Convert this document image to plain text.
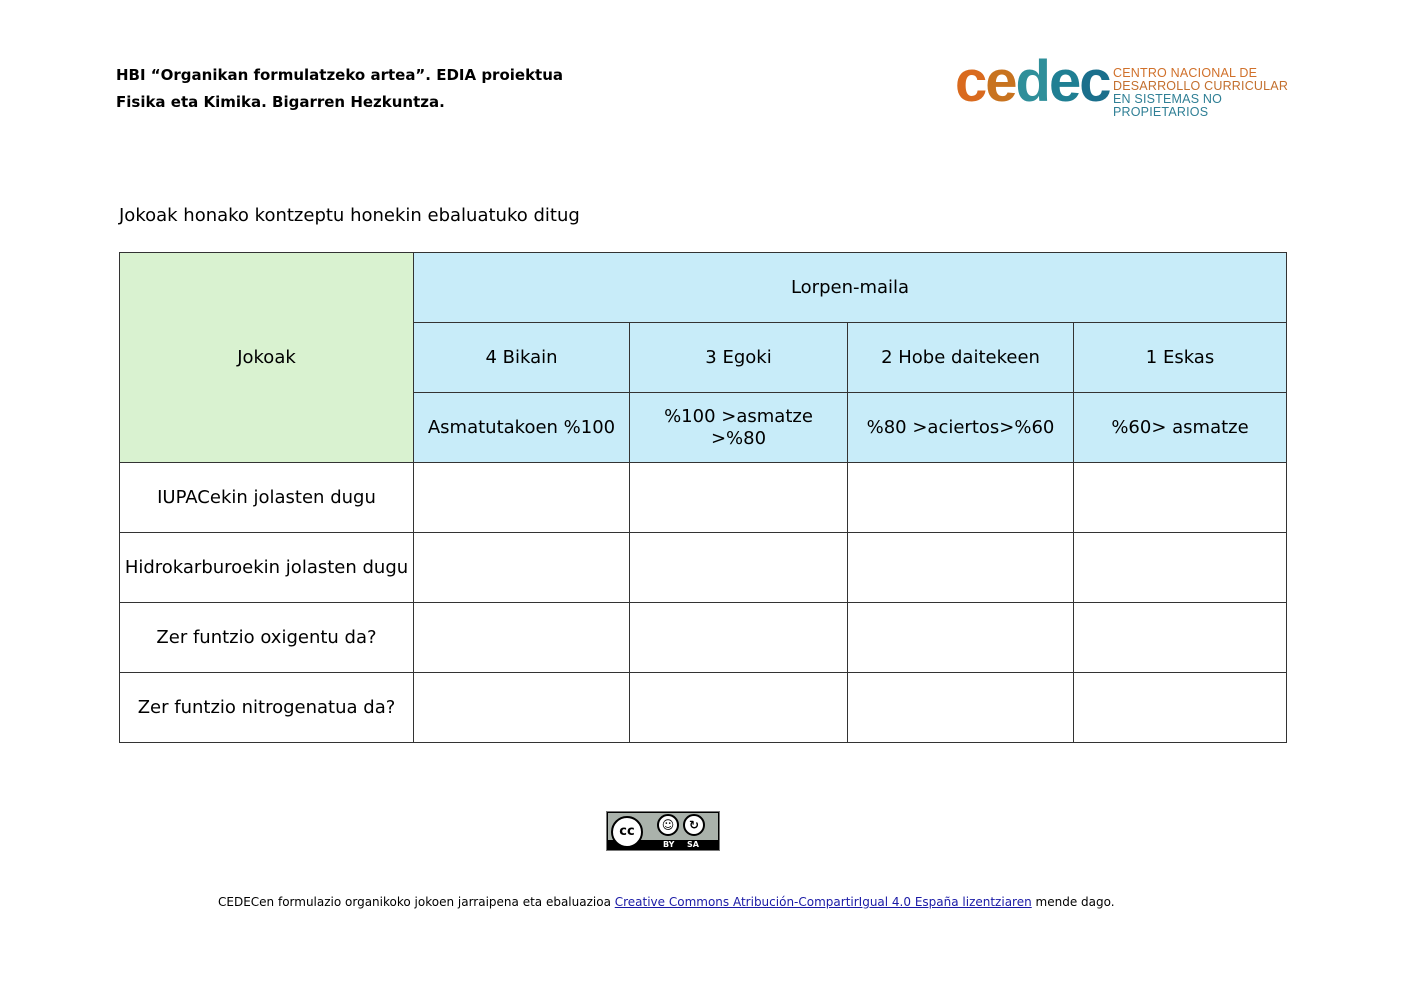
HBI “Organikan formulatzeko artea”. EDIA proiektua
Fisika eta Kimika. Bigarren Hezkuntza.	cedec CENTRO NACIONAL DE
DESARROLLO CURRICULAR
EN SISTEMAS NO PROPIETARIOS
Jokoak honako kontzeptu honekin ebaluatuko ditug
Jokoak	Lorpen-maila			
	4 Bikain	3 Egoki	2 Hobe daitekeen	1 Eskas
	Asmatutakoen %100	%100 >asmatze >%80	%80 >aciertos>%60	%60> asmatze
IUPACekin jolasten dugu				
Hidrokarburoekin jolasten dugu				
Zer funtzio oxigentu da?				
Zer funtzio nitrogenatua da?				
cc	☺	↻
BY SA
CEDECen formulazio organikoko jokoen jarraipena eta ebaluazioa Creative Commons Atribución-CompartirIgual 4.0 España lizentziaren mende dago.
